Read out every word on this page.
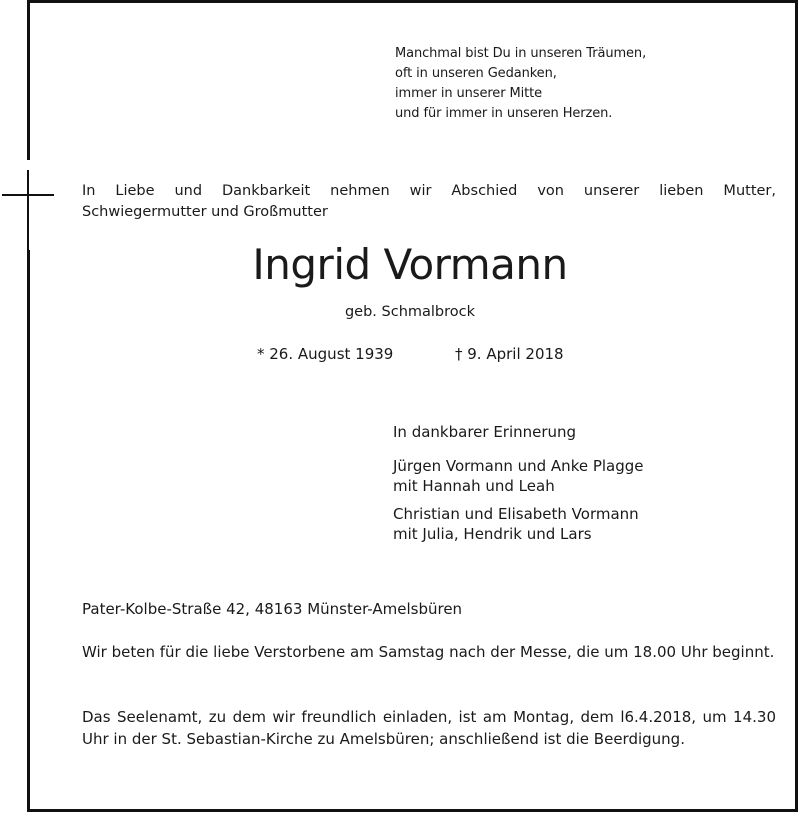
Manchmal bist Du in unseren Träumen,
oft in unseren Gedanken,
immer in unserer Mitte
und für immer in unseren Herzen.
In Liebe und Dankbarkeit nehmen wir Abschied von unserer lieben Mutter,
Schwiegermutter und Großmutter
Ingrid Vormann
geb. Schmalbrock
* 26. August 1939	† 9. April 2018
In dankbarer Erinnerung
Jürgen Vormann und Anke Plagge
mit Hannah und Leah
Christian und Elisabeth Vormann
mit Julia, Hendrik und Lars
Pater-Kolbe-Straße 42, 48163 Münster-Amelsbüren
Wir beten für die liebe Verstorbene am Samstag nach der Messe, die um 18.00 Uhr beginnt.
Das Seelenamt, zu dem wir freundlich einladen, ist am Montag, dem l6.4.2018, um 14.30 Uhr in der St. Sebastian-Kirche zu Amelsbüren; anschließend ist die Beerdigung.
